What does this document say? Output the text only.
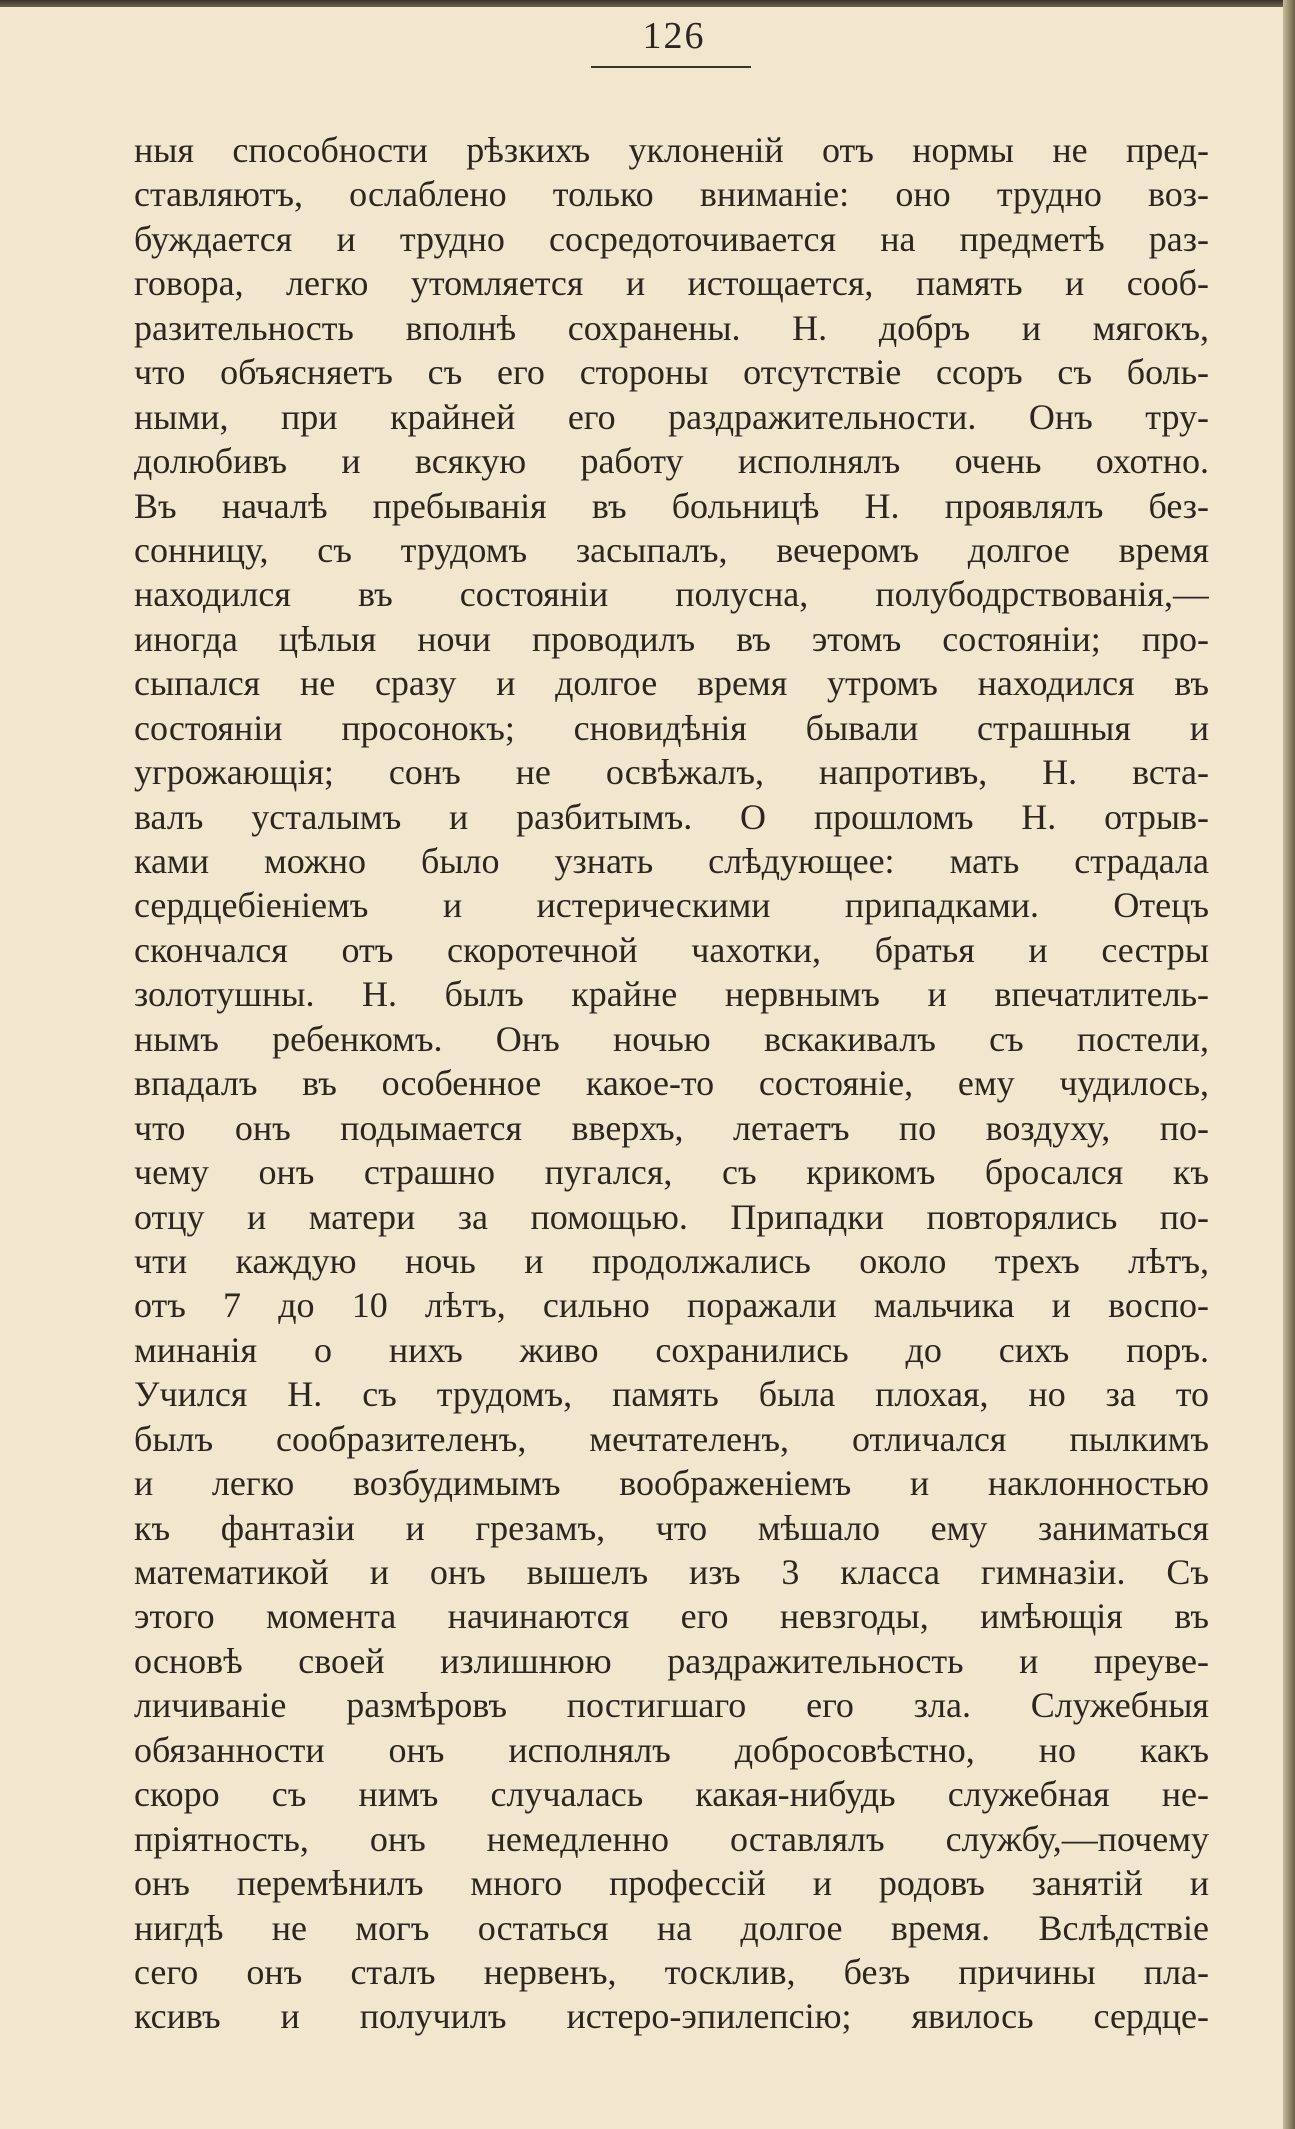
126
ныя способности рѣзкихъ уклоненій отъ нормы не пред-
ставляютъ, ослаблено только вниманіе: оно трудно воз-
буждается и трудно сосредоточивается на предметѣ раз-
говора, легко утомляется и истощается, память и сооб-
разительность вполнѣ сохранены. Н. добръ и мягокъ,
что объясняетъ съ его стороны отсутствіе ссоръ съ боль-
ными, при крайней его раздражительности. Онъ тру-
долюбивъ и всякую работу исполнялъ очень охотно.
Въ началѣ пребыванія въ больницѣ Н. проявлялъ без-
сонницу, съ трудомъ засыпалъ, вечеромъ долгое время
находился въ состояніи полусна, полубодрствованія,—
иногда цѣлыя ночи проводилъ въ этомъ состояніи; про-
сыпался не сразу и долгое время утромъ находился въ
состояніи просонокъ; сновидѣнія бывали страшныя и
угрожающія; сонъ не освѣжалъ, напротивъ, Н. вста-
валъ усталымъ и разбитымъ. О прошломъ Н. отрыв-
ками можно было узнать слѣдующее: мать страдала
сердцебіеніемъ и истерическими припадками. Отецъ
скончался отъ скоротечной чахотки, братья и сестры
золотушны. Н. былъ крайне нервнымъ и впечатлитель-
нымъ ребенкомъ. Онъ ночью вскакивалъ съ постели,
впадалъ въ особенное какое-то состояніе, ему чудилось,
что онъ подымается вверхъ, летаетъ по воздуху, по-
чему онъ страшно пугался, съ крикомъ бросался къ
отцу и матери за помощью. Припадки повторялись по-
чти каждую ночь и продолжались около трехъ лѣтъ,
отъ 7 до 10 лѣтъ, сильно поражали мальчика и воспо-
минанія о нихъ живо сохранились до сихъ поръ.
Учился Н. съ трудомъ, память была плохая, но за то
былъ сообразителенъ, мечтателенъ, отличался пылкимъ
и легко возбудимымъ воображеніемъ и наклонностью
къ фантазіи и грезамъ, что мѣшало ему заниматься
математикой и онъ вышелъ изъ 3 класса гимназіи. Съ
этого момента начинаются его невзгоды, имѣющія въ
основѣ своей излишнюю раздражительность и преуве-
личиваніе размѣровъ постигшаго его зла. Служебныя
обязанности онъ исполнялъ добросовѣстно, но какъ
скоро съ нимъ случалась какая-нибудь служебная не-
пріятность, онъ немедленно оставлялъ службу,—почему
онъ перемѣнилъ много профессій и родовъ занятій и
нигдѣ не могъ остаться на долгое время. Вслѣдствіе
сего онъ сталъ нервенъ, тосклив, безъ причины пла-
ксивъ и получилъ истеро-эпилепсію; явилось сердце-
